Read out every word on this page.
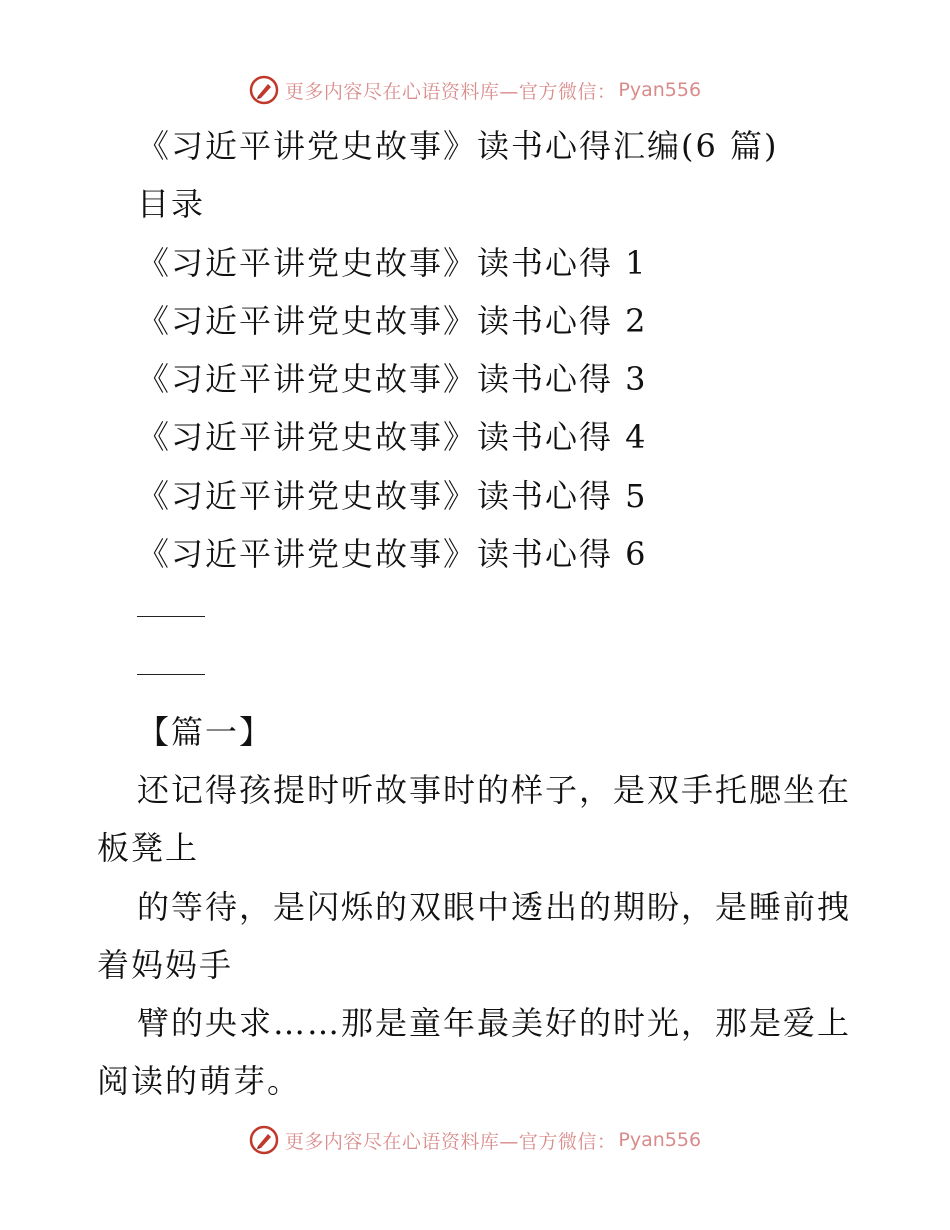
更多内容尽在心语资料库—官方微信： Pyan556
《习近平讲党史故事》读书心得汇编(6 篇)
目录
《习近平讲党史故事》读书心得 1
《习近平讲党史故事》读书心得 2
《习近平讲党史故事》读书心得 3
《习近平讲党史故事》读书心得 4
《习近平讲党史故事》读书心得 5
《习近平讲党史故事》读书心得 6
【篇一】
还记得孩提时听故事时的样子，是双手托腮坐在
板凳上
的等待，是闪烁的双眼中透出的期盼，是睡前拽
着妈妈手
臂的央求……那是童年最美好的时光，那是爱上
阅读的萌芽。
更多内容尽在心语资料库—官方微信： Pyan556
